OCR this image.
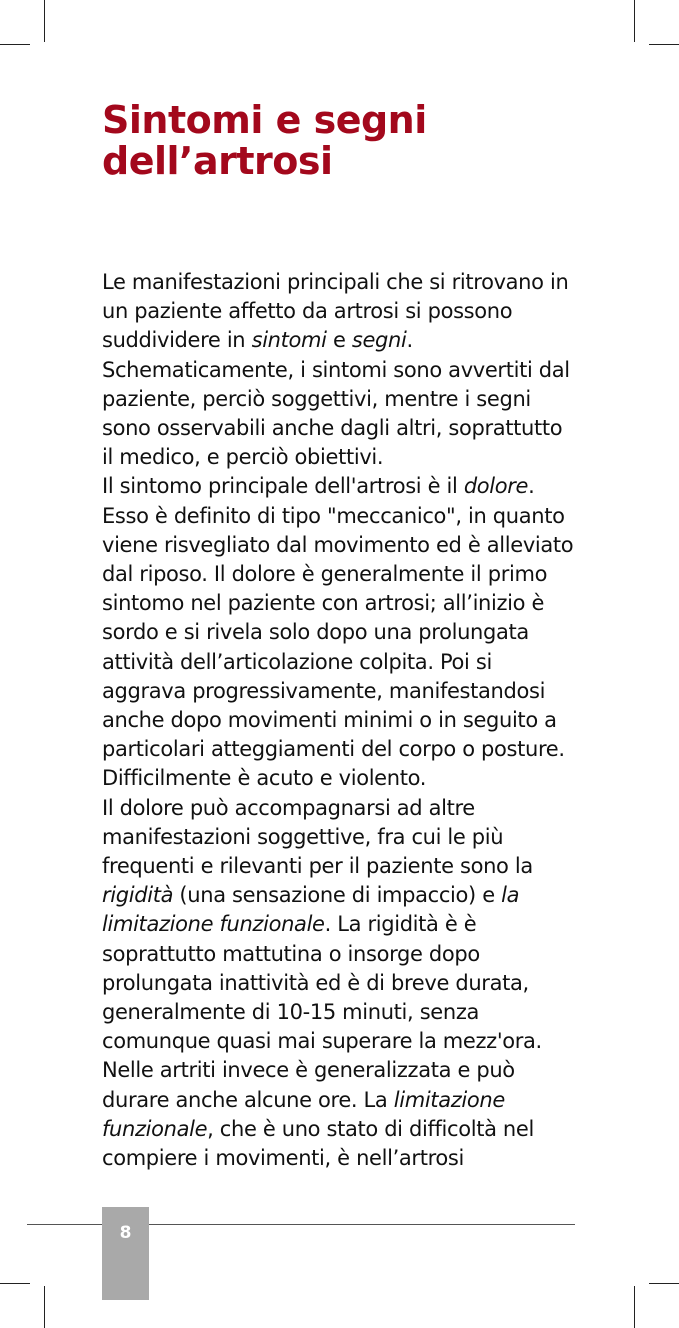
Sintomi e segni
dell’artrosi
Le manifestazioni principali che si ritrovano in
un paziente affetto da artrosi si possono
suddividere in sintomi e segni.
Schematicamente, i sintomi sono avvertiti dal
paziente, perciò soggettivi, mentre i segni
sono osservabili anche dagli altri, soprattutto
il medico, e perciò obiettivi.
Il sintomo principale dell'artrosi è il dolore.
Esso è definito di tipo "meccanico", in quanto
viene risvegliato dal movimento ed è alleviato
dal riposo. Il dolore è generalmente il primo
sintomo nel paziente con artrosi; all’inizio è
sordo e si rivela solo dopo una prolungata
attività dell’articolazione colpita. Poi si
aggrava progressivamente, manifestandosi
anche dopo movimenti minimi o in seguito a
particolari atteggiamenti del corpo o posture.
Difficilmente è acuto e violento.
Il dolore può accompagnarsi ad altre
manifestazioni soggettive, fra cui le più
frequenti e rilevanti per il paziente sono la
rigidità (una sensazione di impaccio) e la
limitazione funzionale. La rigidità è è
soprattutto mattutina o insorge dopo
prolungata inattività ed è di breve durata,
generalmente di 10-15 minuti, senza
comunque quasi mai superare la mezz'ora.
Nelle artriti invece è generalizzata e può
durare anche alcune ore. La limitazione
funzionale, che è uno stato di difficoltà nel
compiere i movimenti, è nell’artrosi
8
